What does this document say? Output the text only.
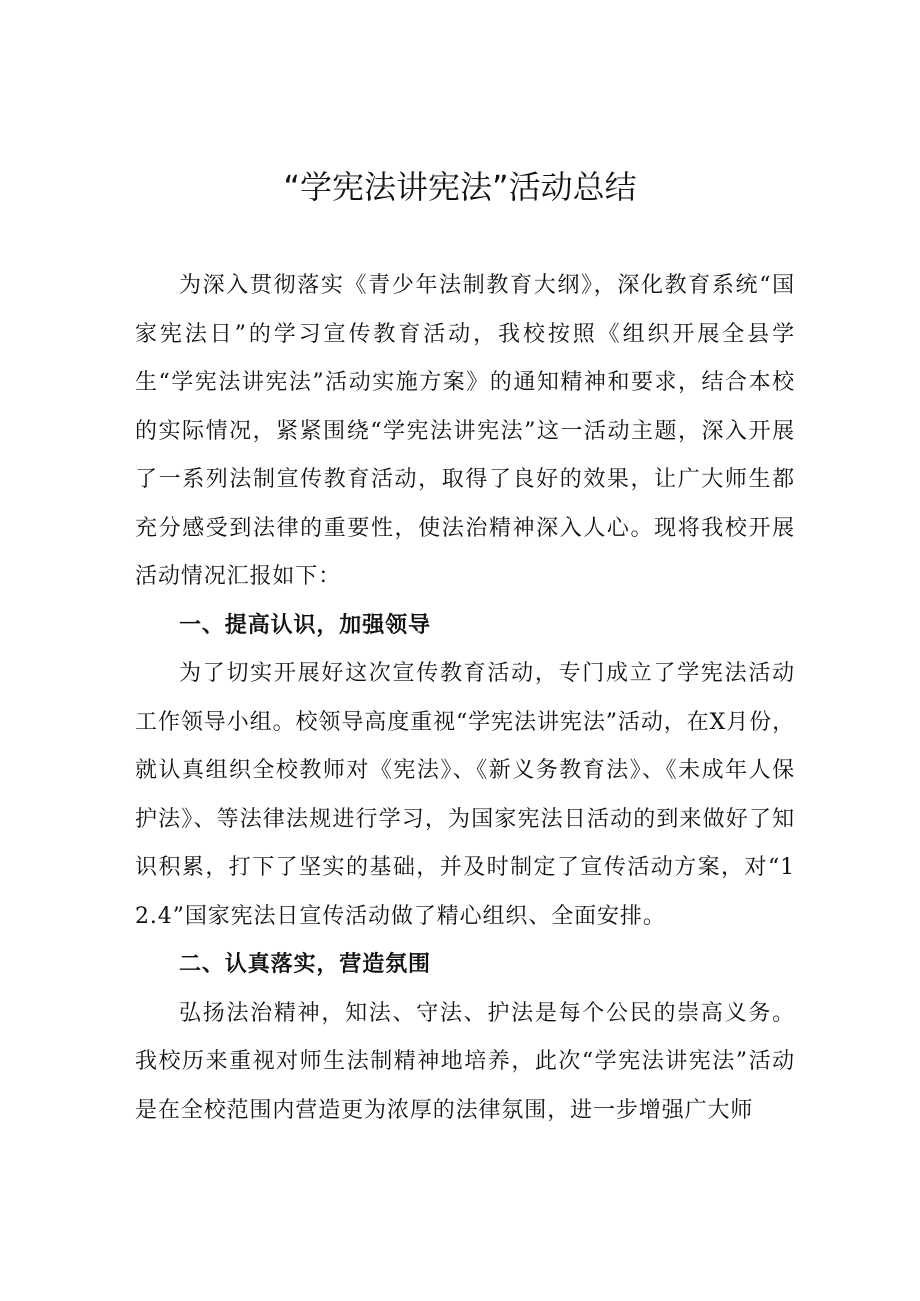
“学宪法讲宪法”活动总结

为深入贯彻落实《青少年法制教育大纲》，深化教育系统“国家宪法日”的学习宣传教育活动，我校按照《组织开展全县学生“学宪法讲宪法”活动实施方案》的通知精神和要求，结合本校的实际情况，紧紧围绕“学宪法讲宪法”这一活动主题，深入开展了一系列法制宣传教育活动，取得了良好的效果，让广大师生都充分感受到法律的重要性，使法治精神深入人心。现将我校开展活动情况汇报如下：

一、提高认识，加强领导

为了切实开展好这次宣传教育活动，专门成立了学宪法活动工作领导小组。校领导高度重视“学宪法讲宪法”活动，在X月份，就认真组织全校教师对《宪法》、《新义务教育法》、《未成年人保护法》、等法律法规进行学习，为国家宪法日活动的到来做好了知识积累，打下了坚实的基础，并及时制定了宣传活动方案，对“12.4”国家宪法日宣传活动做了精心组织、全面安排。

二、认真落实，营造氛围

弘扬法治精神，知法、守法、护法是每个公民的崇高义务。我校历来重视对师生法制精神地培养，此次“学宪法讲宪法”活动是在全校范围内营造更为浓厚的法律氛围，进一步增强广大师
